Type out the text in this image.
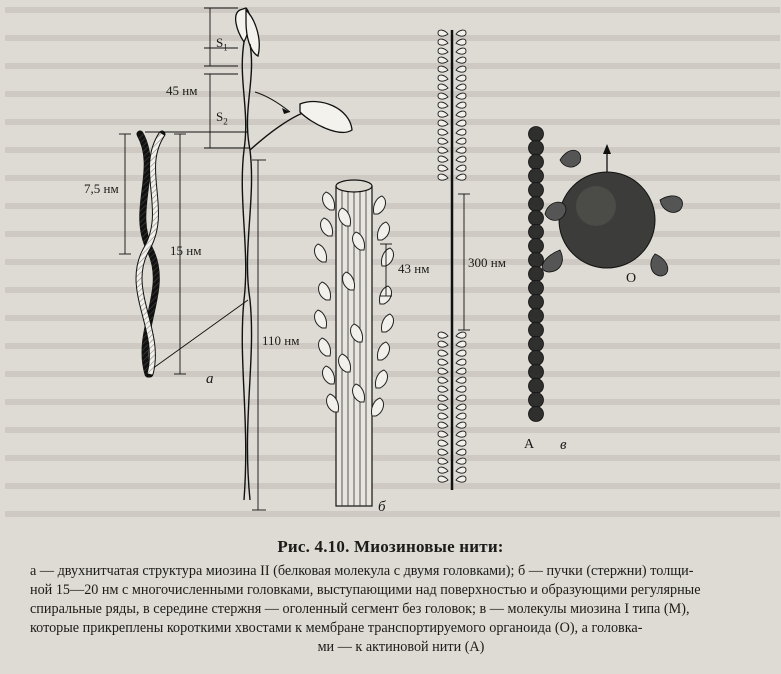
$S_1$
$S_2$
45 нм
7,5 нм
15 нм
110 нм
а
43 нм
б
300 нм
А в
О
Рис. 4.10. Миозиновые нити:

а — двухнитчатая структура миозина II (белковая молекула с двумя головками); б — пучки (стержни) толщи-

ной 15—20 нм с многочисленными головками, выступающими над поверхностью и образующими регулярные

спиральные ряды, в середине стержня — оголенный сегмент без головок; в — молекулы миозина I типа (М),

которые прикреплены короткими хвостами к мембране транспортируемого органоида (О), а головка-

ми — к актиновой нити (А)
